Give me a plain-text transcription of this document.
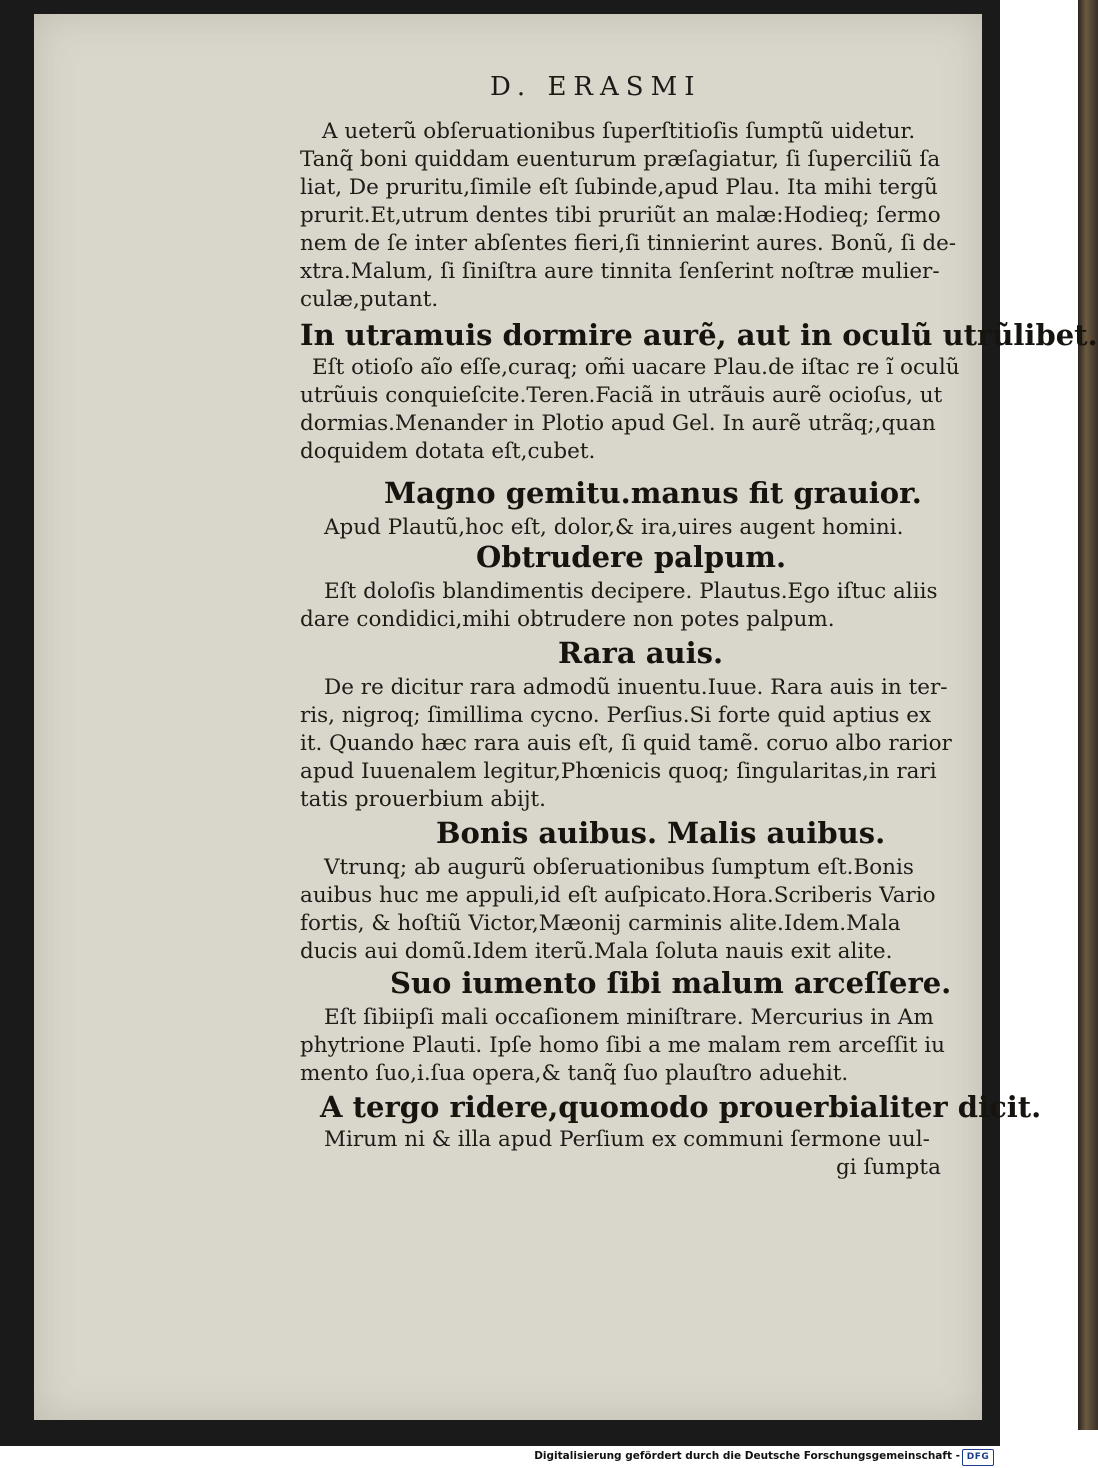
D. ERASMI

A ueterũ obſeruationibus ſuperſtitioſis ſumptũ uidetur.

Tanq̃ boni quiddam euenturum præſagiatur, ſi ſuperciliũ ſa

liat, De pruritu,ſimile eſt ſubinde,apud Plau. Ita mihi tergũ

prurit.Et,utrum dentes tibi pruriũt an malæ:Hodieq; ſermo

nem de ſe inter abſentes fieri,ſi tinnierint aures. Bonũ, ſi de-

xtra.Malum, ſi ſiniſtra aure tinnita ſenſerint noſtræ mulier-

culæ,putant.

In utramuis dormire aurẽ, aut in oculũ utrũlibet.

Eſt otioſo aĩo eſſe,curaq; om̃i uacare Plau.de iſtac re ĩ oculũ

utrũuis conquieſcite.Teren.Faciã in utrãuis aurẽ ocioſus, ut

dormias.Menander in Plotio apud Gel. In aurẽ utrãq;,quan

doquidem dotata eſt,cubet.

Magno gemitu.manus fit grauior.

Apud Plautũ,hoc eſt, dolor,& ira,uires augent homini.

Obtrudere palpum.

Eſt doloſis blandimentis decipere. Plautus.Ego iſtuc aliis

dare condidici,mihi obtrudere non potes palpum.

Rara auis.

De re dicitur rara admodũ inuentu.Iuue. Rara auis in ter-

ris, nigroq; ſimillima cycno. Perſius.Si forte quid aptius ex

it. Quando hæc rara auis eſt, ſi quid tamẽ. coruo albo rarior

apud Iuuenalem legitur,Phœnicis quoq; ſingularitas,in rari

tatis prouerbium abijt.

Bonis auibus. Malis auibus.

Vtrunq; ab augurũ obſeruationibus ſumptum eſt.Bonis

auibus huc me appuli,id eſt auſpicato.Hora.Scriberis Vario

fortis, & hoſtiũ Victor,Mæonij carminis alite.Idem.Mala

ducis aui domũ.Idem iterũ.Mala ſoluta nauis exit alite.

Suo iumento ſibi malum arceſſere.

Eſt ſibiipſi mali occaſionem miniſtrare. Mercurius in Am

phytrione Plauti. Ipſe homo ſibi a me malam rem arceſſit iu

mento ſuo,i.ſua opera,& tanq̃ ſuo plauſtro aduehit.

A tergo ridere,quomodo prouerbialiter dicit.

Mirum ni & illa apud Perſium ex communi ſermone uul-

gi ſumpta

Digitalisierung gefördert durch die Deutsche Forschungsgemeinschaft - DFG
